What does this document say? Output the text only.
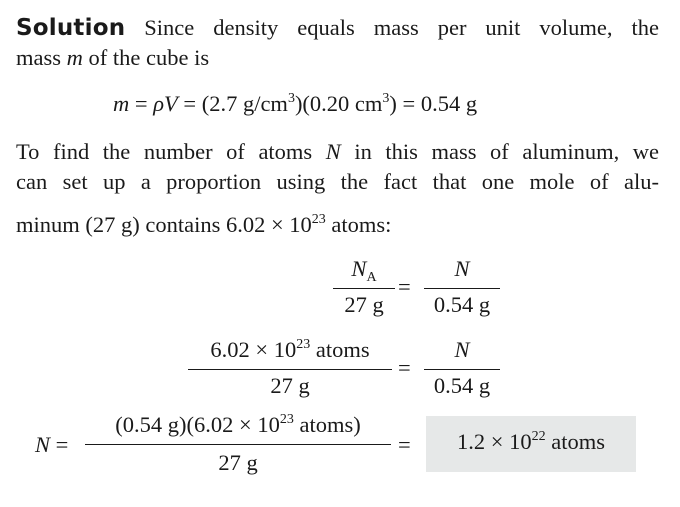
Solution Since density equals mass per unit volume, the
mass m of the cube is
m = ρV = (2.7 $g/cm^3)(0.20$ $cm^3) = 0.54$ g
To find the number of atoms N in this mass of aluminum, we
can set up a proportion using the fact that one mole of alu-
minum (27 g) contains $6.02 \times 10^{23}$ atoms:
$N_A$
27 g
=
N
0.54 g
$6.02 \times 10^{23}$ atoms
27 g
=
N
0.54 g
N =
(0.54 $g)(6.02 \times 10^{23}$ atoms)
27 g
=	$1.2 \times 10^{22}$ atoms
